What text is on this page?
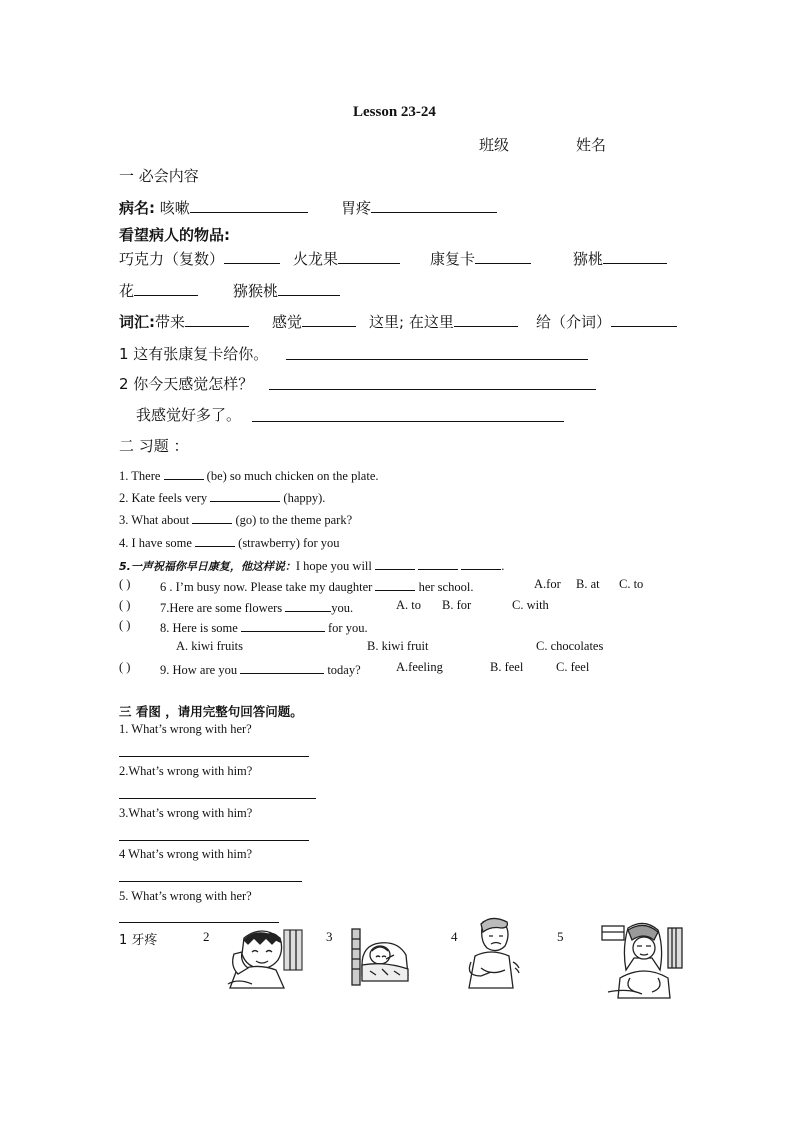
Lesson 23-24
班级	姓名
一 必会内容
病名: 咳嗽	胃疼
看望病人的物品:
巧克力（复数）	火龙果	康复卡	猕桃
花	猕猴桃
词汇:带来	感觉	这里; 在这里	给（介词）
1 这有张康复卡给你。
2 你今天感觉怎样？
我感觉好多了。
二 习题 ：
1. There	(be) so much chicken on the plate.
2. Kate feels very	(happy).
3. What about	(go) to the theme park?
4. I have some	(strawberry) for you
5.一声祝福你早日康复，他这样说：I hope you will	.
( ) 6 . I’m busy now. Please take my daughter	her school.	A.for B. at C. to
( ) 7.Here are some flowers	you.	A. to B. for	C. with
( ) 8. Here is some	for you.
A. kiwi fruits	B. kiwi fruit	C. chocolates
( ) 9. How are you	today?	A.feeling	B. feel	C. feel
三 看图 ，请用完整句回答问题。
1. What’s wrong with her?
2.What’s wrong with him?
3.What’s wrong with him?
4 What’s wrong with him?
5. What’s wrong with her?
1 牙疼	2	3	4	5
